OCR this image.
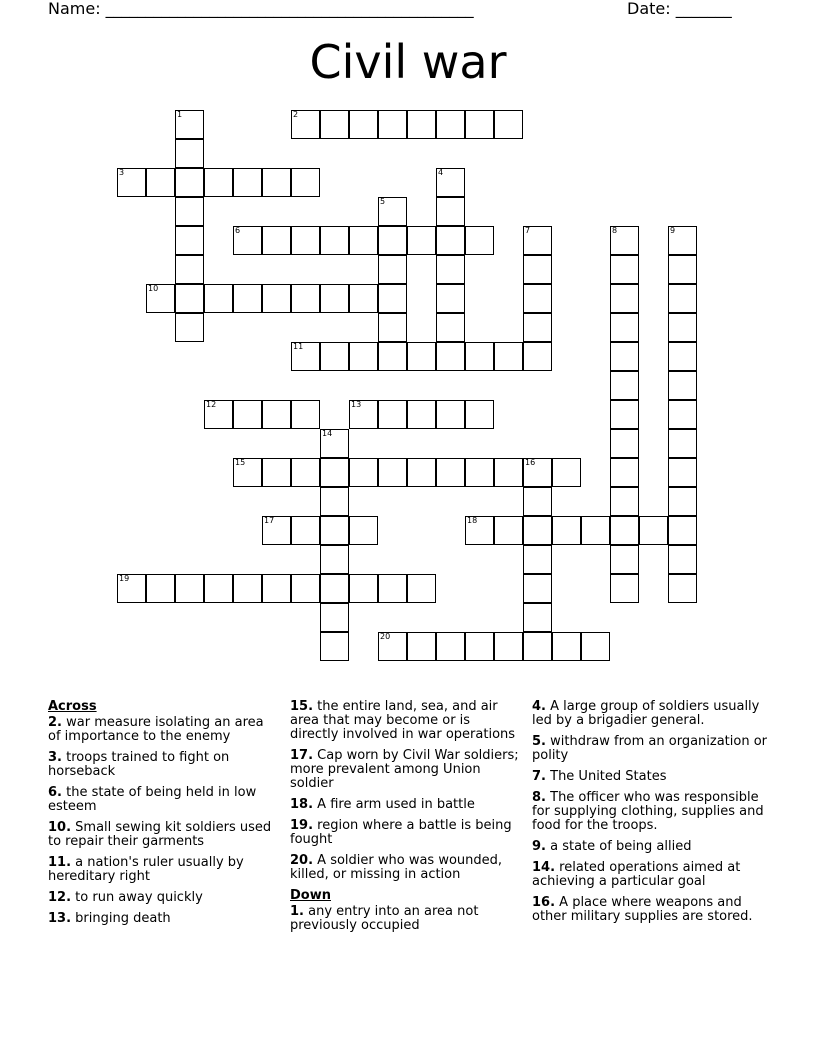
Name: ______________________________________________	Date: _______
Civil war
1	2
3	4
5
6	7	8	9
10
11
12	13
14
15	16
17	18
19
20
Across
2. war measure isolating an area of importance to the enemy
3. troops trained to fight on horseback
6. the state of being held in low esteem
10. Small sewing kit soldiers used to repair their garments
11. a nation's ruler usually by hereditary right
12. to run away quickly
13. bringing death
15. the entire land, sea, and air area that may become or is directly involved in war operations
17. Cap worn by Civil War soldiers; more prevalent among Union soldier
18. A fire arm used in battle
19. region where a battle is being fought
20. A soldier who was wounded, killed, or missing in action
Down
1. any entry into an area not previously occupied
4. A large group of soldiers usually led by a brigadier general.
5. withdraw from an organization or polity
7. The United States
8. The officer who was responsible for supplying clothing, supplies and food for the troops.
9. a state of being allied
14. related operations aimed at achieving a particular goal
16. A place where weapons and other military supplies are stored.
